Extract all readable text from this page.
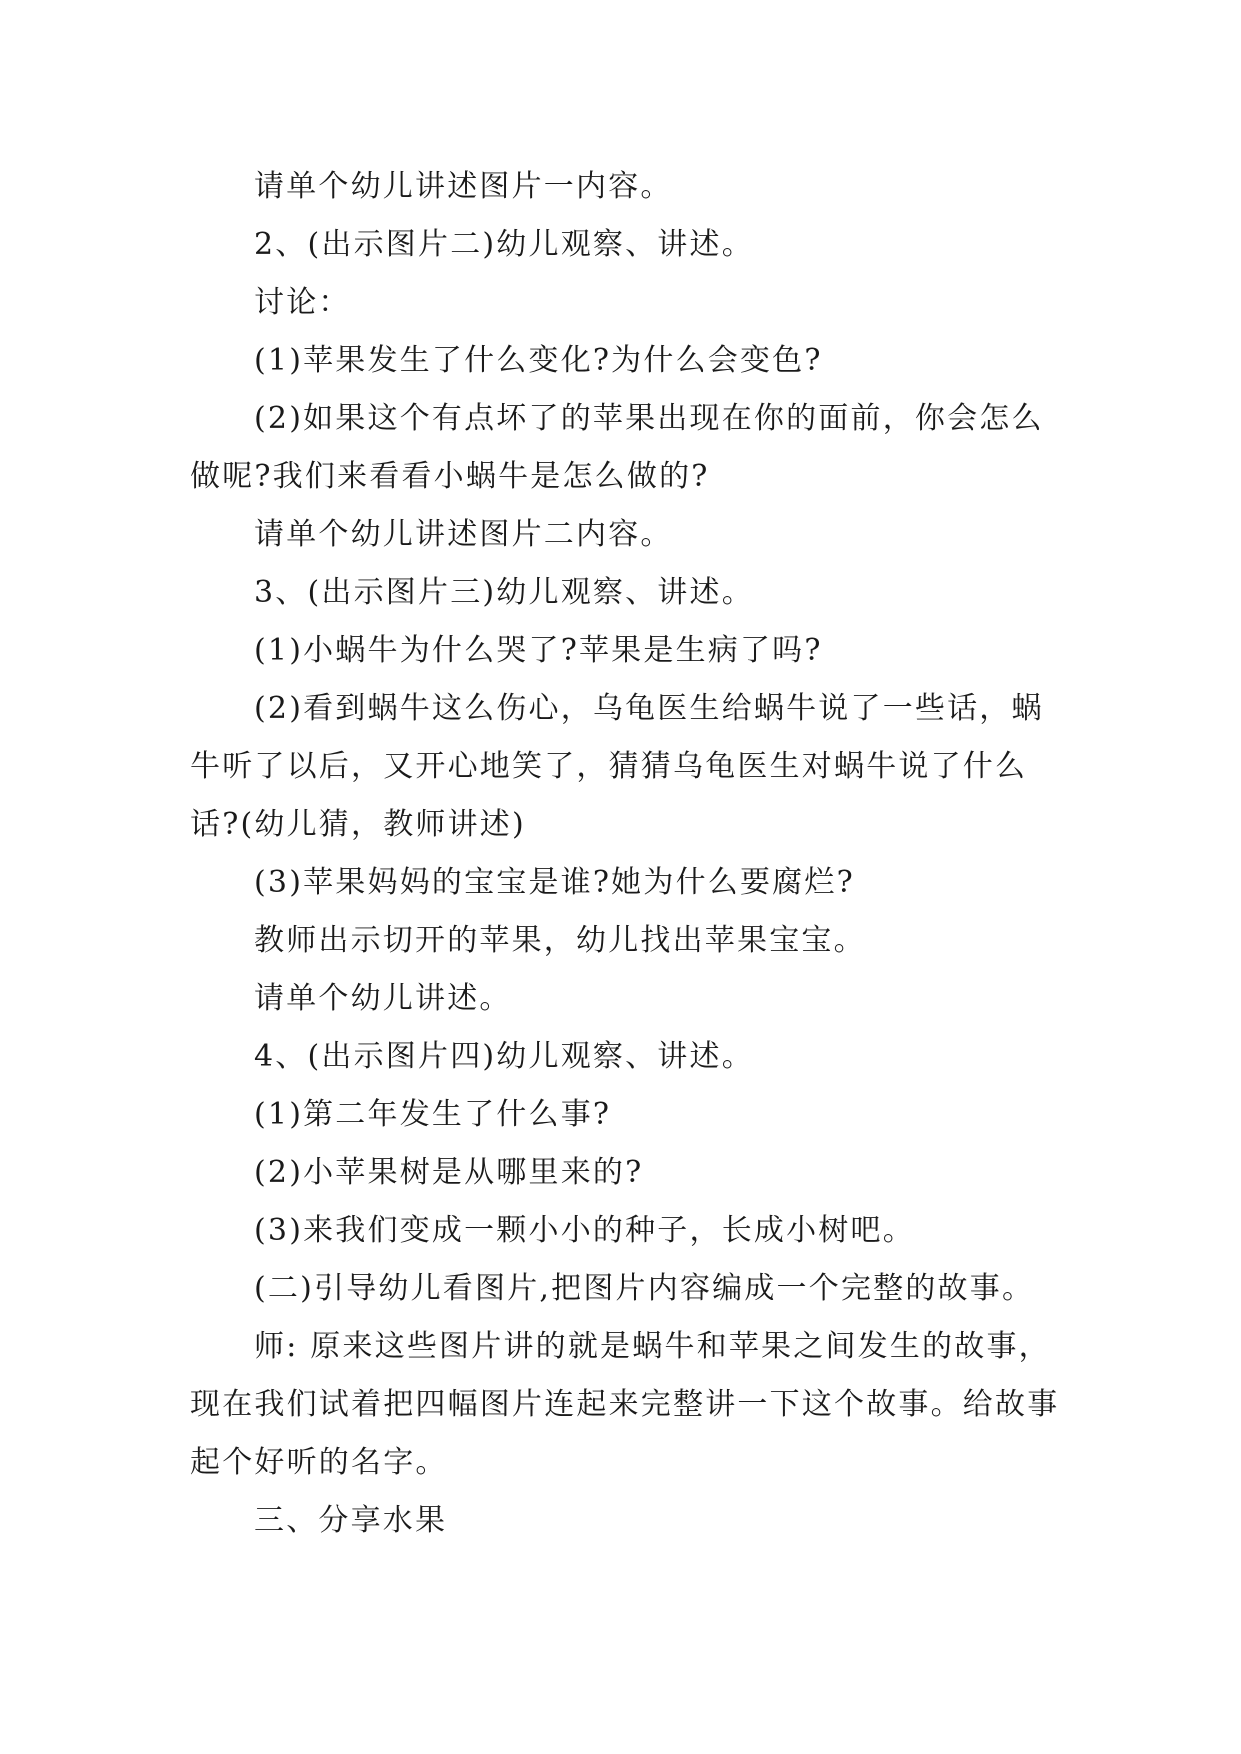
请单个幼儿讲述图片一内容。

2、(出示图片二)幼儿观察、讲述。

讨论：

(1)苹果发生了什么变化?为什么会变色?

(2)如果这个有点坏了的苹果出现在你的面前，你会怎么做呢?我们来看看小蜗牛是怎么做的?

请单个幼儿讲述图片二内容。

3、(出示图片三)幼儿观察、讲述。

(1)小蜗牛为什么哭了?苹果是生病了吗?

(2)看到蜗牛这么伤心，乌龟医生给蜗牛说了一些话，蜗牛听了以后，又开心地笑了，猜猜乌龟医生对蜗牛说了什么话?(幼儿猜，教师讲述)

(3)苹果妈妈的宝宝是谁?她为什么要腐烂?

教师出示切开的苹果，幼儿找出苹果宝宝。

请单个幼儿讲述。

4、(出示图片四)幼儿观察、讲述。

(1)第二年发生了什么事?

(2)小苹果树是从哪里来的?

(3)来我们变成一颗小小的种子，长成小树吧。

(二)引导幼儿看图片,把图片内容编成一个完整的故事。

师: 原来这些图片讲的就是蜗牛和苹果之间发生的故事，现在我们试着把四幅图片连起来完整讲一下这个故事。给故事起个好听的名字。

三、分享水果
